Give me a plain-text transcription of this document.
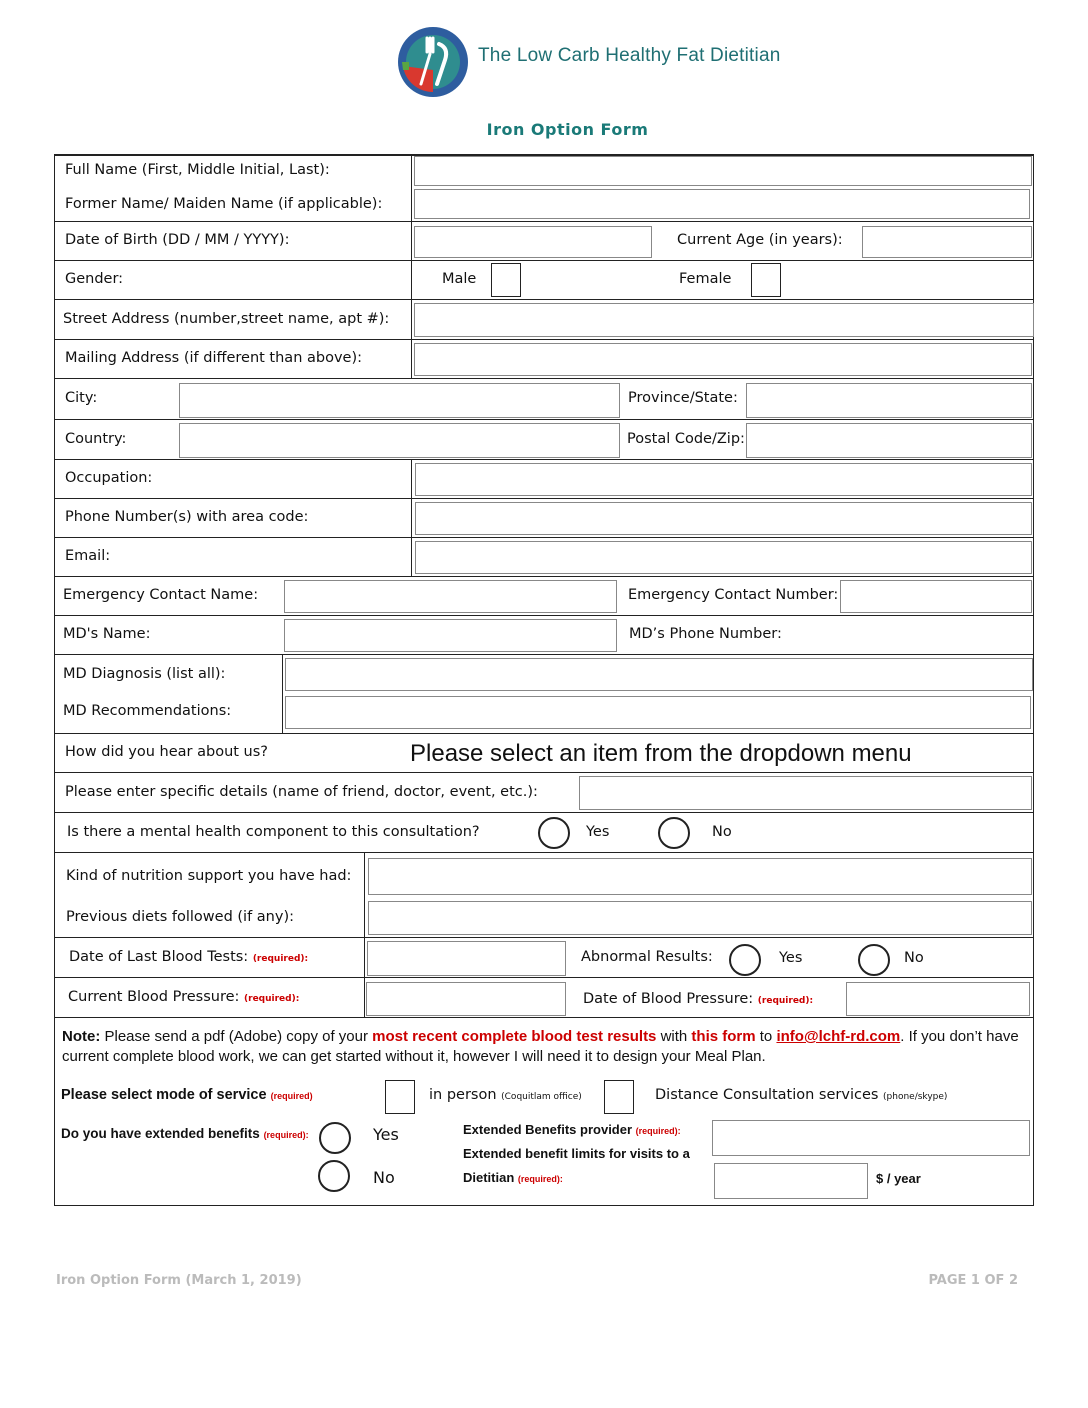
The Low Carb Healthy Fat Dietitian
Iron Option Form
Full Name (First, Middle Initial, Last):
Former Name/ Maiden Name (if applicable):
Date of Birth (DD / MM / YYYY):	Current Age (in years):
Gender:	Male	Female
Street Address (number,street name, apt #):
Mailing Address (if different than above):
City:	Province/State:
Country:	Postal Code/Zip:
Occupation:
Phone Number(s) with area code:
Email:
Emergency Contact Name:	Emergency Contact Number:
MD's Name:	MD’s Phone Number:
MD Diagnosis (list all):
MD Recommendations:
How did you hear about us?	Please select an item from the dropdown menu
Please enter specific details (name of friend, doctor, event, etc.):
Is there a mental health component to this consultation?	Yes	No
Kind of nutrition support you have had:
Previous diets followed (if any):
Date of Last Blood Tests: (required):	Abnormal Results:	Yes	No
Current Blood Pressure: (required):	Date of Blood Pressure: (required):
Note: Please send a pdf (Adobe) copy of your most recent complete blood test results with this form to info@lchf-rd.com. If you don’t have current complete blood work, we can get started without it, however I will need it to design your Meal Plan.
Please select mode of service (required)	in person (Coquitlam office)	Distance Consultation services (phone/skype)
Do you have extended benefits (required):	Yes
No
Extended Benefits provider (required):
Extended benefit limits for visits to a
Dietitian (required):	$ / year
Iron Option Form (March 1, 2019)	PAGE 1 OF 2
